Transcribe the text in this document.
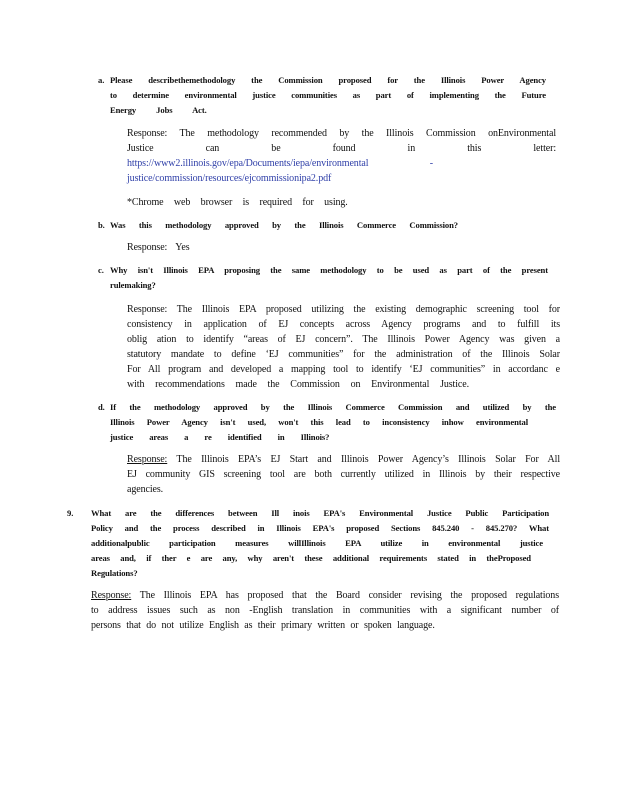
a. Please describethemethodology the Commission proposed for the Illinois Power Agency
to determine environmental justice communities as part of implementing the Future
Energy Jobs Act.
Response: The methodology recommended by the Illinois Commission onEnvironmental
Justice can be found in this letter:
https://www2.illinois.gov/epa/Documents/iepa/environmental -
justice/commission/resources/ejcommissionipa2.pdf
*Chrome web browser is required for using.
b. Was this methodology approved by the Illinois Commerce Commission?
Response: Yes
c. Why isn't Illinois EPA proposing the same methodology to be used as part of the present
rulemaking?
Response: The Illinois EPA proposed utilizing the existing demographic screening tool for
consistency in application of EJ concepts across Agency programs and to fulfill its
oblig ation to identify “areas of EJ concern”. The Illinois Power Agency was given a
statutory mandate to define ‘EJ communities” for the administration of the Illinois Solar
For All program and developed a mapping tool to identify ‘EJ communities” in accordanc e
with recommendations made the Commission on Environmental Justice.
d. If the methodology approved by the Illinois Commerce Commission and utilized by the
Illinois Power Agency isn't used, won't this lead to inconsistency inhow environmental
justice areas a re identified in Illinois?
Response: The Illinois EPA’s EJ Start and Illinois Power Agency’s Illinois Solar For All
EJ community GIS screening tool are both currently utilized in Illinois by their respective
agencies.
9.	What are the differences between Ill inois EPA's Environmental Justice Public Participation
Policy and the process described in Illinois EPA's proposed Sections 845.240 - 845.270? What
additionalpublic participation measures willIllinois EPA utilize in environmental justice
areas and, if ther e are any, why aren't these additional requirements stated in theProposed
Regulations?
Response: The Illinois EPA has proposed that the Board consider revising the proposed regulations
to address issues such as non -English translation in communities with a significant number of
persons that do not utilize English as their primary written or spoken language.
